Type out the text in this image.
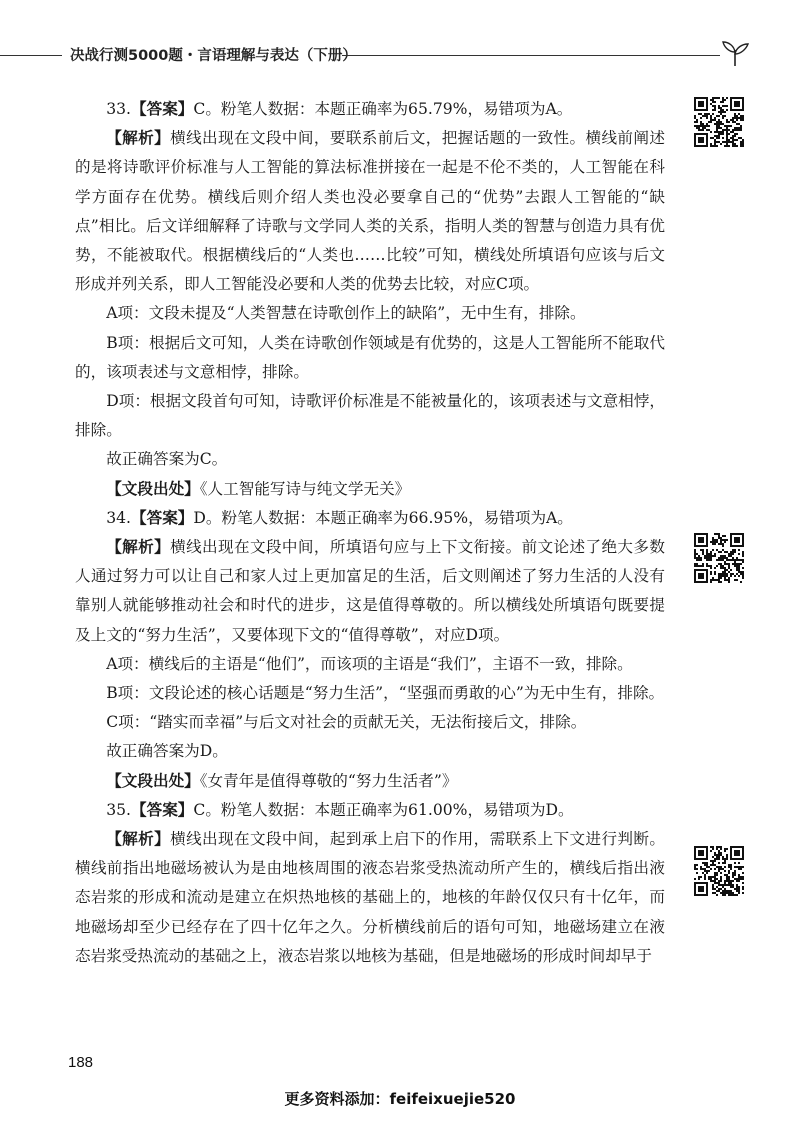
决战行测5000题・言语理解与表达（下册）

33.【答案】C。粉笔人数据：本题正确率为65.79%，易错项为A。

【解析】横线出现在文段中间，要联系前后文，把握话题的一致性。横线前阐述的是将诗歌评价标准与人工智能的算法标准拼接在一起是不伦不类的，人工智能在科学方面存在优势。横线后则介绍人类也没必要拿自己的“优势”去跟人工智能的“缺点”相比。后文详细解释了诗歌与文学同人类的关系，指明人类的智慧与创造力具有优势，不能被取代。根据横线后的“人类也……比较”可知，横线处所填语句应该与后文形成并列关系，即人工智能没必要和人类的优势去比较，对应C项。

A项：文段未提及“人类智慧在诗歌创作上的缺陷”，无中生有，排除。

B项：根据后文可知，人类在诗歌创作领域是有优势的，这是人工智能所不能取代的，该项表述与文意相悖，排除。

D项：根据文段首句可知，诗歌评价标准是不能被量化的，该项表述与文意相悖，排除。

故正确答案为C。

【文段出处】《人工智能写诗与纯文学无关》

34.【答案】D。粉笔人数据：本题正确率为66.95%，易错项为A。

【解析】横线出现在文段中间，所填语句应与上下文衔接。前文论述了绝大多数人通过努力可以让自己和家人过上更加富足的生活，后文则阐述了努力生活的人没有靠别人就能够推动社会和时代的进步，这是值得尊敬的。所以横线处所填语句既要提及上文的“努力生活”，又要体现下文的“值得尊敬”，对应D项。

A项：横线后的主语是“他们”，而该项的主语是“我们”，主语不一致，排除。

B项：文段论述的核心话题是“努力生活”，“坚强而勇敢的心”为无中生有，排除。

C项：“踏实而幸福”与后文对社会的贡献无关，无法衔接后文，排除。

故正确答案为D。

【文段出处】《女青年是值得尊敬的“努力生活者”》

35.【答案】C。粉笔人数据：本题正确率为61.00%，易错项为D。

【解析】横线出现在文段中间，起到承上启下的作用，需联系上下文进行判断。横线前指出地磁场被认为是由地核周围的液态岩浆受热流动所产生的，横线后指出液态岩浆的形成和流动是建立在炽热地核的基础上的，地核的年龄仅仅只有十亿年，而地磁场却至少已经存在了四十亿年之久。分析横线前后的语句可知，地磁场建立在液态岩浆受热流动的基础之上，液态岩浆以地核为基础，但是地磁场的形成时间却早于

188
更多资料添加：feifeixuejie520
